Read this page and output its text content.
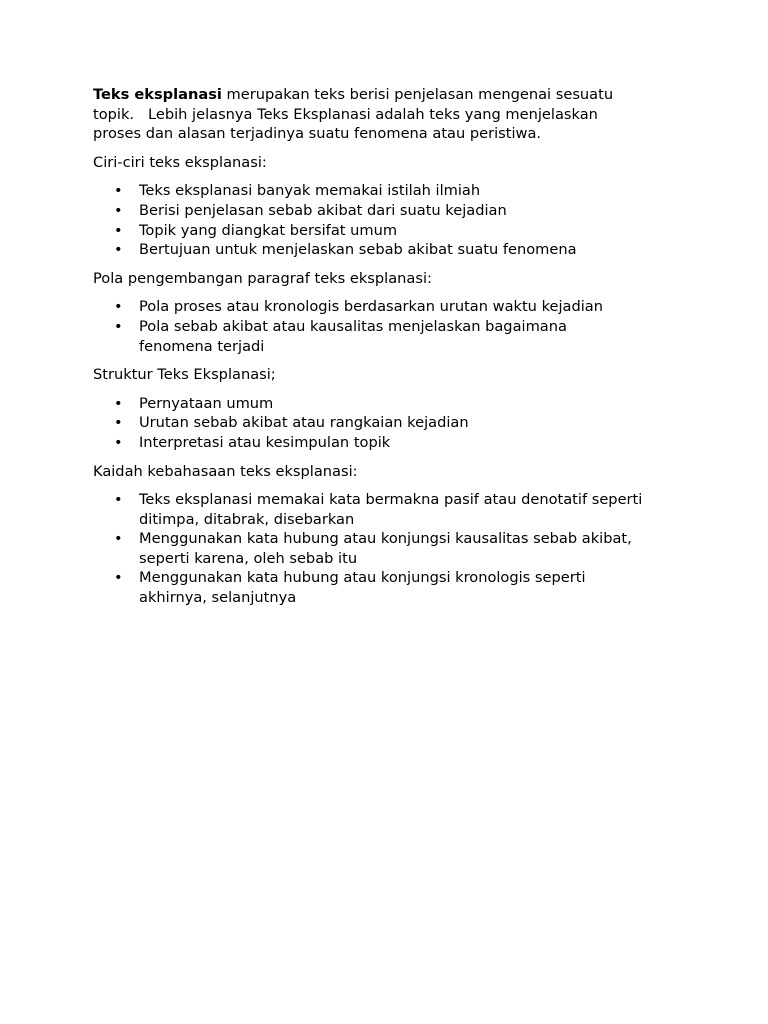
Teks eksplanasi merupakan teks berisi penjelasan mengenai sesuatu
topik.   Lebih jelasnya Teks Eksplanasi adalah teks yang menjelaskan
proses dan alasan terjadinya suatu fenomena atau peristiwa.

Ciri-ciri teks eksplanasi:

• Teks eksplanasi banyak memakai istilah ilmiah
• Berisi penjelasan sebab akibat dari suatu kejadian
• Topik yang diangkat bersifat umum
• Bertujuan untuk menjelaskan sebab akibat suatu fenomena

Pola pengembangan paragraf teks eksplanasi:

• Pola proses atau kronologis berdasarkan urutan waktu kejadian
• Pola sebab akibat atau kausalitas menjelaskan bagaimana
fenomena terjadi

Struktur Teks Eksplanasi;

• Pernyataan umum
• Urutan sebab akibat atau rangkaian kejadian
• Interpretasi atau kesimpulan topik

Kaidah kebahasaan teks eksplanasi:

• Teks eksplanasi memakai kata bermakna pasif atau denotatif seperti
ditimpa, ditabrak, disebarkan
• Menggunakan kata hubung atau konjungsi kausalitas sebab akibat,
seperti karena, oleh sebab itu
• Menggunakan kata hubung atau konjungsi kronologis seperti
akhirnya, selanjutnya
